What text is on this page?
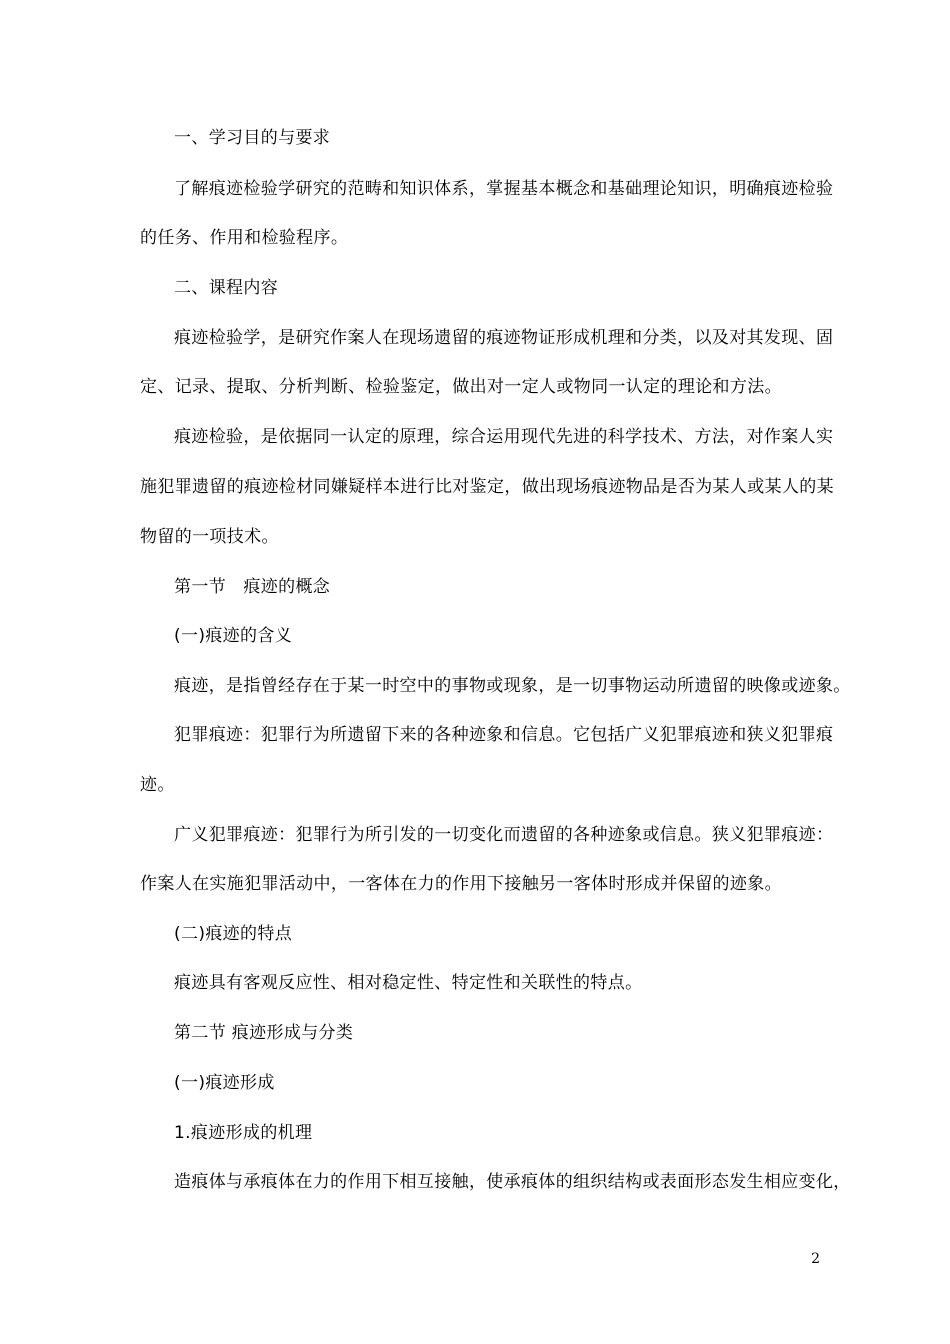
一、学习目的与要求
了解痕迹检验学研究的范畴和知识体系，掌握基本概念和基础理论知识，明确痕迹检验
的任务、作用和检验程序。
二、课程内容
痕迹检验学，是研究作案人在现场遗留的痕迹物证形成机理和分类，以及对其发现、固
定、记录、提取、分析判断、检验鉴定，做出对一定人或物同一认定的理论和方法。
痕迹检验，是依据同一认定的原理，综合运用现代先进的科学技术、方法，对作案人实
施犯罪遗留的痕迹检材同嫌疑样本进行比对鉴定，做出现场痕迹物品是否为某人或某人的某
物留的一项技术。
第一节　痕迹的概念
(一)痕迹的含义
痕迹，是指曾经存在于某一时空中的事物或现象，是一切事物运动所遗留的映像或迹象。
犯罪痕迹：犯罪行为所遗留下来的各种迹象和信息。它包括广义犯罪痕迹和狭义犯罪痕
迹。
广义犯罪痕迹：犯罪行为所引发的一切变化而遗留的各种迹象或信息。狭义犯罪痕迹：
作案人在实施犯罪活动中，一客体在力的作用下接触另一客体时形成并保留的迹象。
(二)痕迹的特点
痕迹具有客观反应性、相对稳定性、特定性和关联性的特点。
第二节 痕迹形成与分类
(一)痕迹形成
1.痕迹形成的机理
造痕体与承痕体在力的作用下相互接触，使承痕体的组织结构或表面形态发生相应变化，
2
